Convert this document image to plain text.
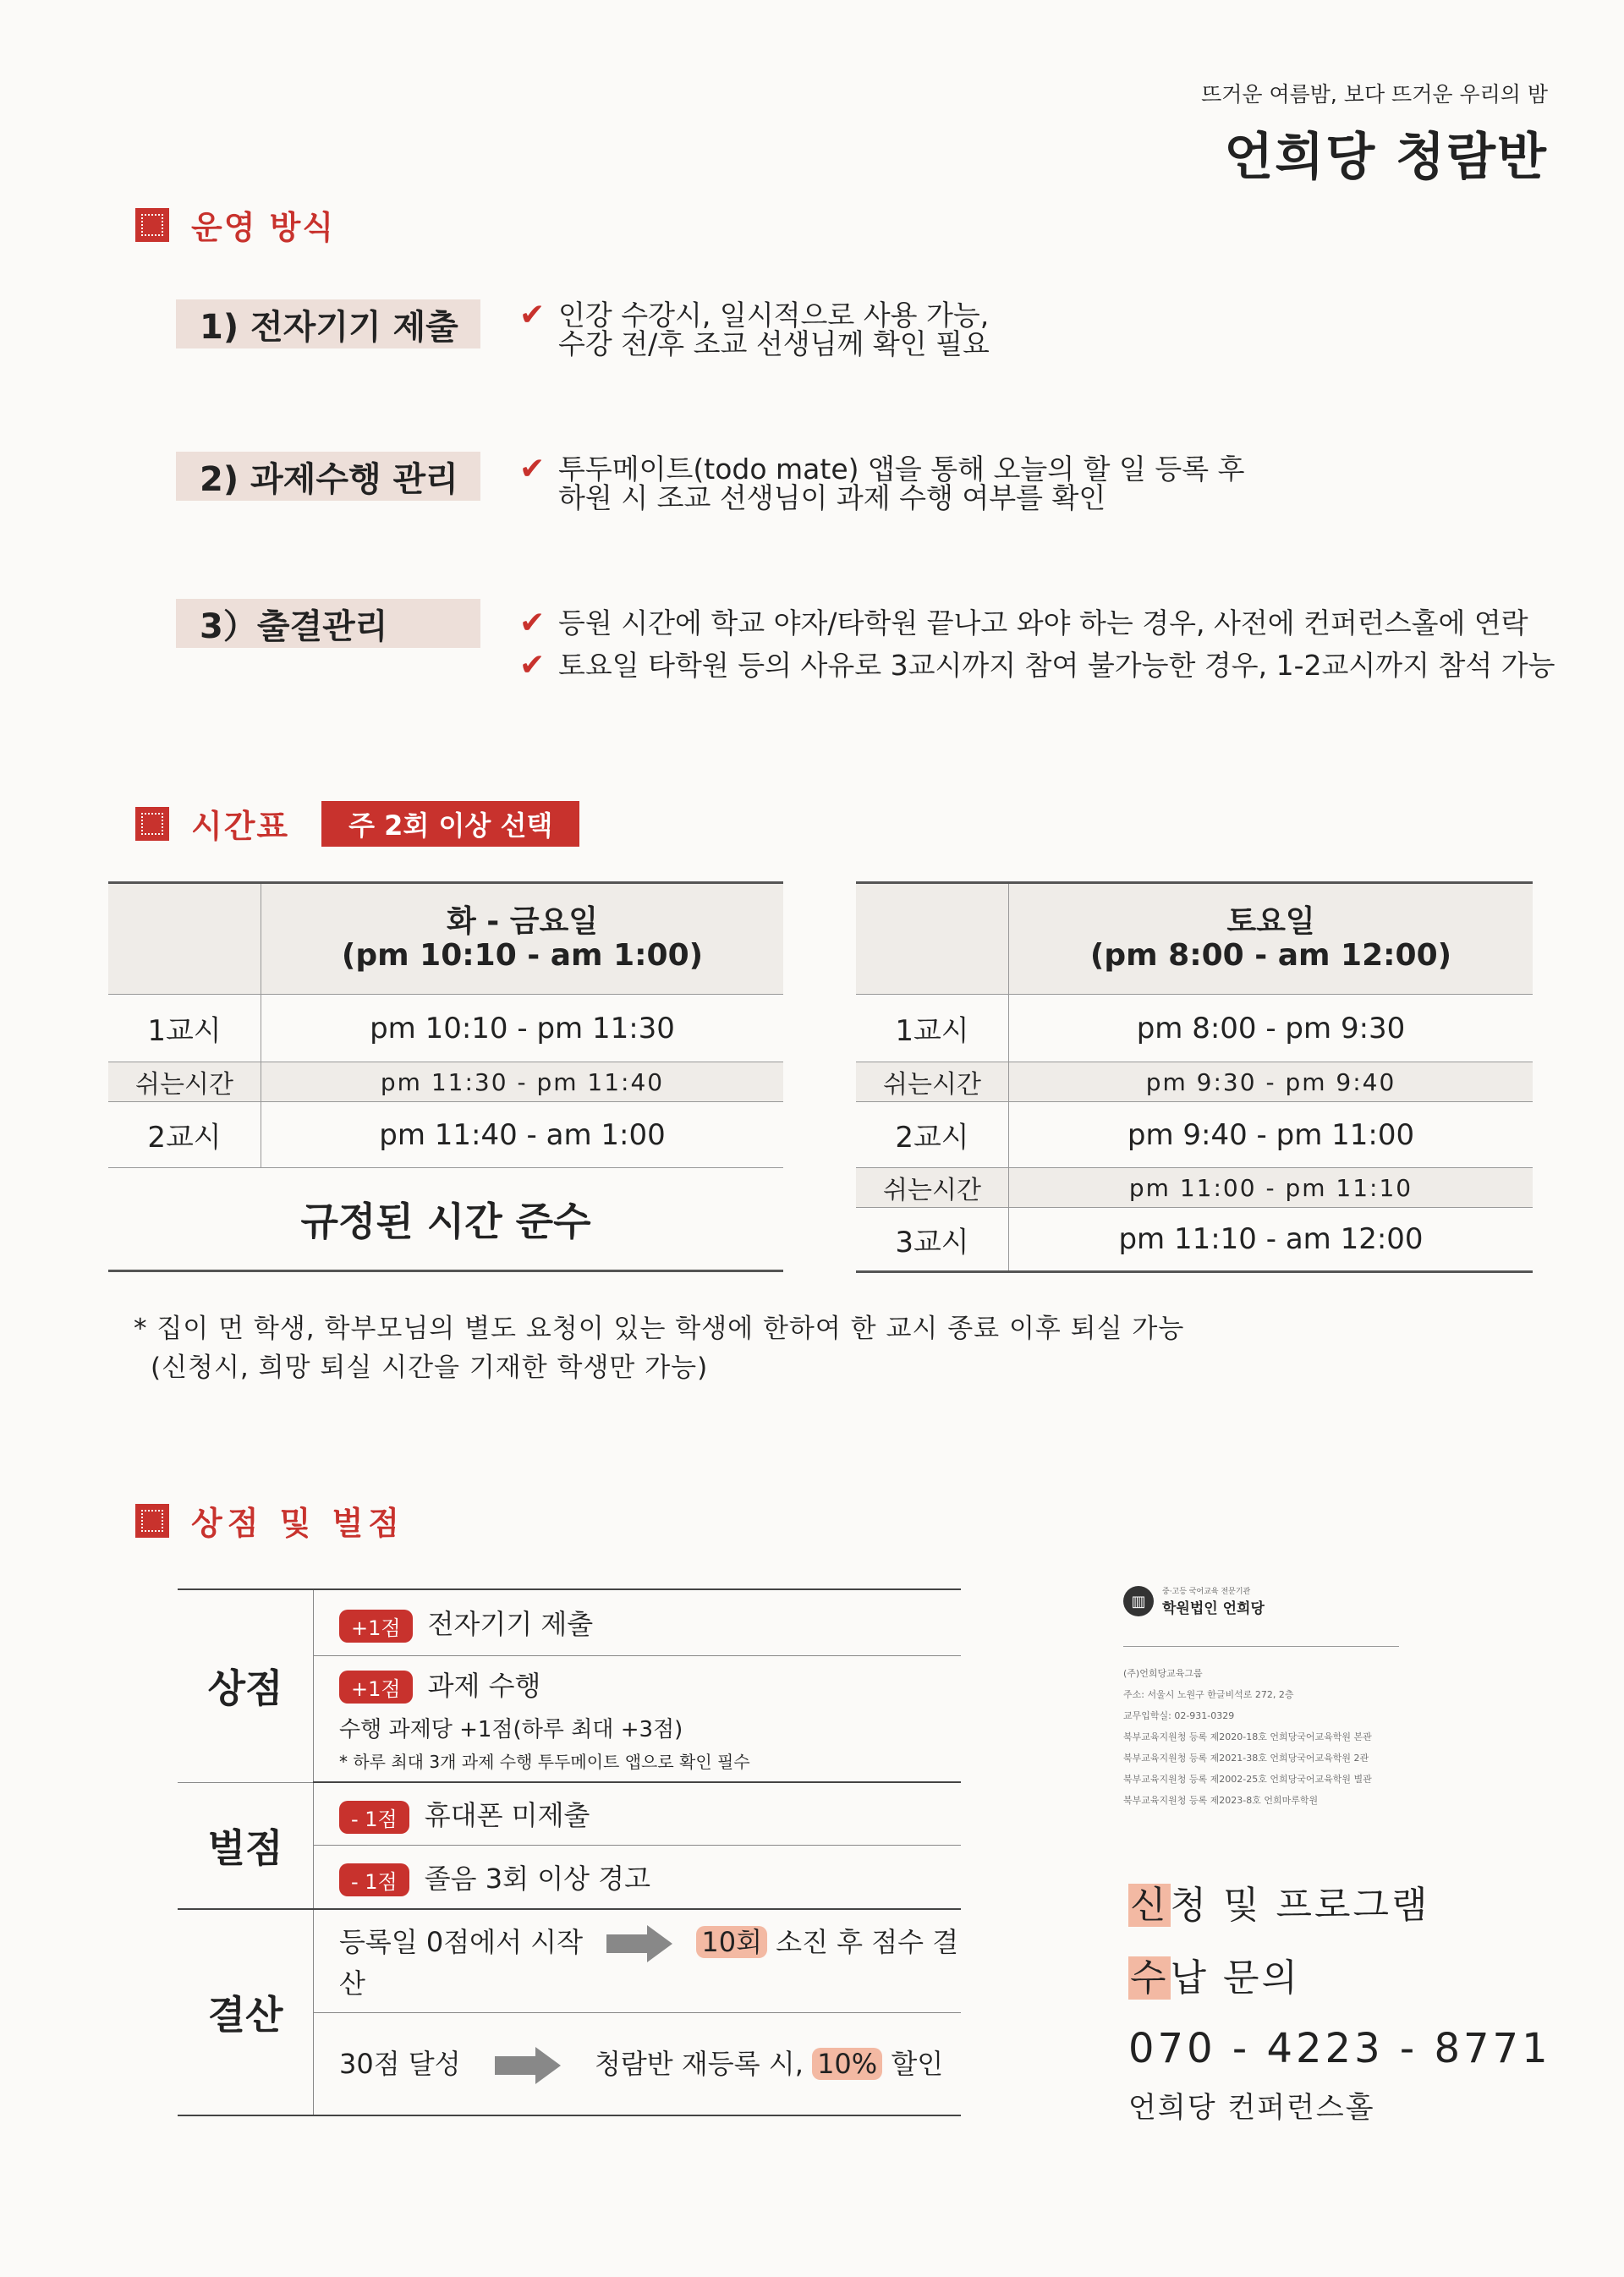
뜨거운 여름밤, 보다 뜨거운 우리의 밤
언희당 청람반
운영 방식
1) 전자기기 제출	✔ 인강 수강시, 일시적으로 사용 가능,
수강 전/후 조교 선생님께 확인 필요
2) 과제수행 관리	✔ 투두메이트(todo mate) 앱을 통해 오늘의 할 일 등록 후
하원 시 조교 선생님이 과제 수행 여부를 확인
3）출결관리	✔ 등원 시간에 학교 야자/타학원 끝나고 와야 하는 경우, 사전에 컨퍼런스홀에 연락
✔ 토요일 타학원 등의 사유로 3교시까지 참여 불가능한 경우, 1-2교시까지 참석 가능
시간표	주 2회 이상 선택
	화 - 금요일
(pm 10:10 - am 1:00)
1교시	pm 10:10 - pm 11:30
쉬는시간	pm 11:30 - pm 11:40
2교시	pm 11:40 - am 1:00
규정된 시간 준수	
	토요일
(pm 8:00 - am 12:00)
1교시	pm 8:00 - pm 9:30
쉬는시간	pm 9:30 - pm 9:40
2교시	pm 9:40 - pm 11:00
쉬는시간	pm 11:00 - pm 11:10
3교시	pm 11:10 - am 12:00
* 집이 먼 학생, 학부모님의 별도 요청이 있는 학생에 한하여 한 교시 종료 이후 퇴실 가능
(신청시, 희망 퇴실 시간을 기재한 학생만 가능)
상점 및 벌점
상점	+1점 전자기기 제출

	+1점 과제 수행
수행 과제당 +1점(하루 최대 +3점)
* 하루 최대 3개 과제 수행 투두메이트 앱으로 확인 필수

벌점	- 1점 휴대폰 미제출
	- 1점 졸음 3회 이상 경고
결산	등록일 0점에서 시작 10회 소진 후 점수 결산
	30점 달성 청람반 재등록 시, 10% 할인
▥
중·고등 국어교육 전문기관
학원법인 언희당
(주)언희당교육그룹
주소: 서울시 노원구 한글비석로 272, 2층
교무입학실: 02-931-0329
북부교육지원청 등록 제2020-18호 언희당국어교육학원 본관
북부교육지원청 등록 제2021-38호 언희당국어교육학원 2관
북부교육지원청 등록 제2002-25호 언희당국어교육학원 별관
북부교육지원청 등록 제2023-8호 언희마루학원
신청 및 프로그램
수납 문의
070 - 4223 - 8771
언희당 컨퍼런스홀
